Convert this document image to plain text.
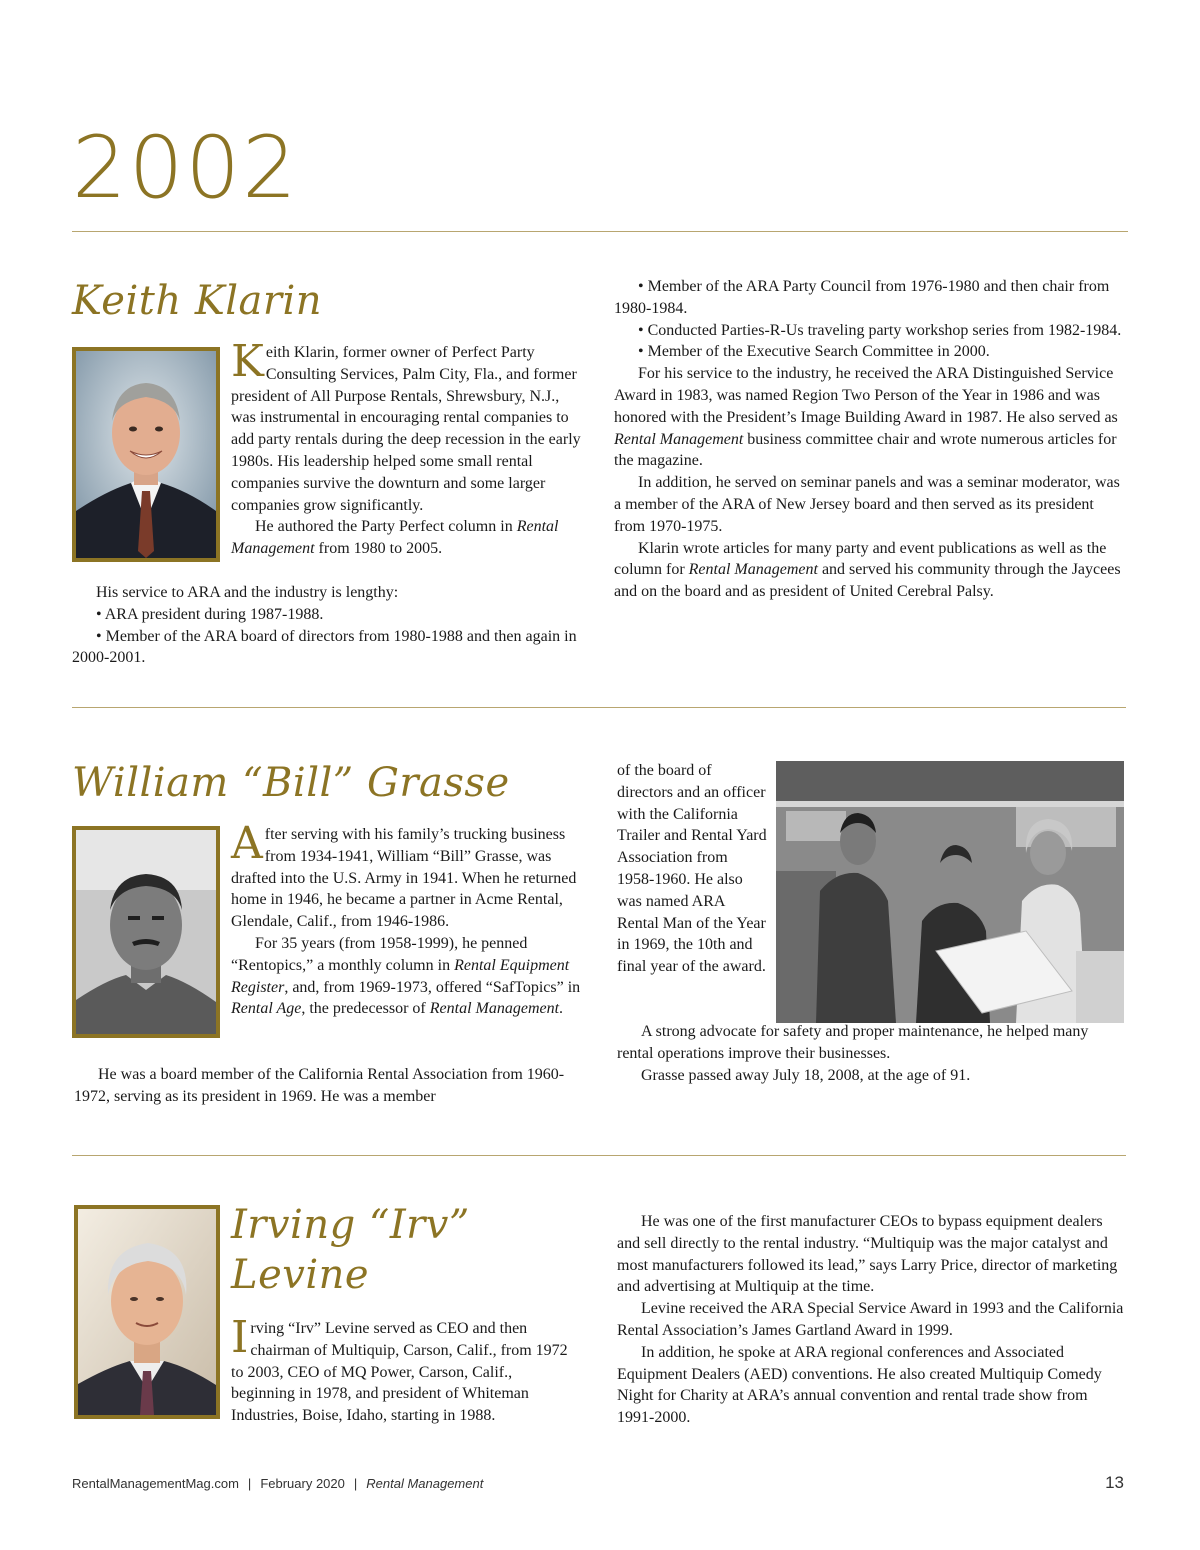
2002
Keith Klarin

Keith Klarin, former owner of Perfect Party Consulting Services, Palm City, Fla., and former president of All Purpose Rentals, Shrewsbury, N.J., was instrumental in encouraging rental companies to add party rentals during the deep recession in the early 1980s. His leadership helped some small rental companies survive the downturn and some larger companies grow significantly.

He authored the Party Perfect column in Rental Management from 1980 to 2005.

His service to ARA and the industry is lengthy:

• ARA president during 1987-1988.

• Member of the ARA board of directors from 1980-1988 and then again in 2000-2001.

• Member of the ARA Party Council from 1976-1980 and then chair from 1980-1984.

• Conducted Parties-R-Us traveling party workshop series from 1982-1984.

• Member of the Executive Search Committee in 2000.

For his service to the industry, he received the ARA Distinguished Service Award in 1983, was named Region Two Person of the Year in 1986 and was honored with the President’s Image Building Award in 1987. He also served as Rental Management business committee chair and wrote numerous articles for the magazine.

In addition, he served on seminar panels and was a seminar moderator, was a member of the ARA of New Jersey board and then served as its president from 1970-1975.

Klarin wrote articles for many party and event publications as well as the column for Rental Management and served his community through the Jaycees and on the board and as president of United Cerebral Palsy.

William “Bill” Grasse

After serving with his family’s trucking business from 1934-1941, William “Bill” Grasse, was drafted into the U.S. Army in 1941. When he returned home in 1946, he became a partner in Acme Rental, Glendale, Calif., from 1946-1986.

For 35 years (from 1958-1999), he penned “Rentopics,” a monthly column in Rental Equipment Register, and, from 1969-1973, offered “SafTopics” in Rental Age, the predecessor of Rental Management.

He was a board member of the California Rental Association from 1960-1972, serving as its president in 1969. He was a member

of the board of directors and an officer with the California Trailer and Rental Yard Association from 1958-1960. He also was named ARA Rental Man of the Year in 1969, the 10th and final year of the award.

A strong advocate for safety and proper maintenance, he helped many rental operations improve their businesses.

Grasse passed away July 18, 2008, at the age of 91.

Irving “Irv”
Levine

Irving “Irv” Levine served as CEO and then chairman of Multiquip, Carson, Calif., from 1972 to 2003, CEO of MQ Power, Carson, Calif., beginning in 1978, and president of Whiteman Industries, Boise, Idaho, starting in 1988.

He was one of the first manufacturer CEOs to bypass equipment dealers and sell directly to the rental industry. “Multiquip was the major catalyst and most manufacturers followed its lead,” says Larry Price, director of marketing and advertising at Multiquip at the time.

Levine received the ARA Special Service Award in 1993 and the California Rental Association’s James Gartland Award in 1999.

In addition, he spoke at ARA regional conferences and Associated Equipment Dealers (AED) conventions. He also created Multiquip Comedy Night for Charity at ARA’s annual convention and rental trade show from 1991-2000.

RentalManagementMag.com | February 2020 | Rental Management	13
